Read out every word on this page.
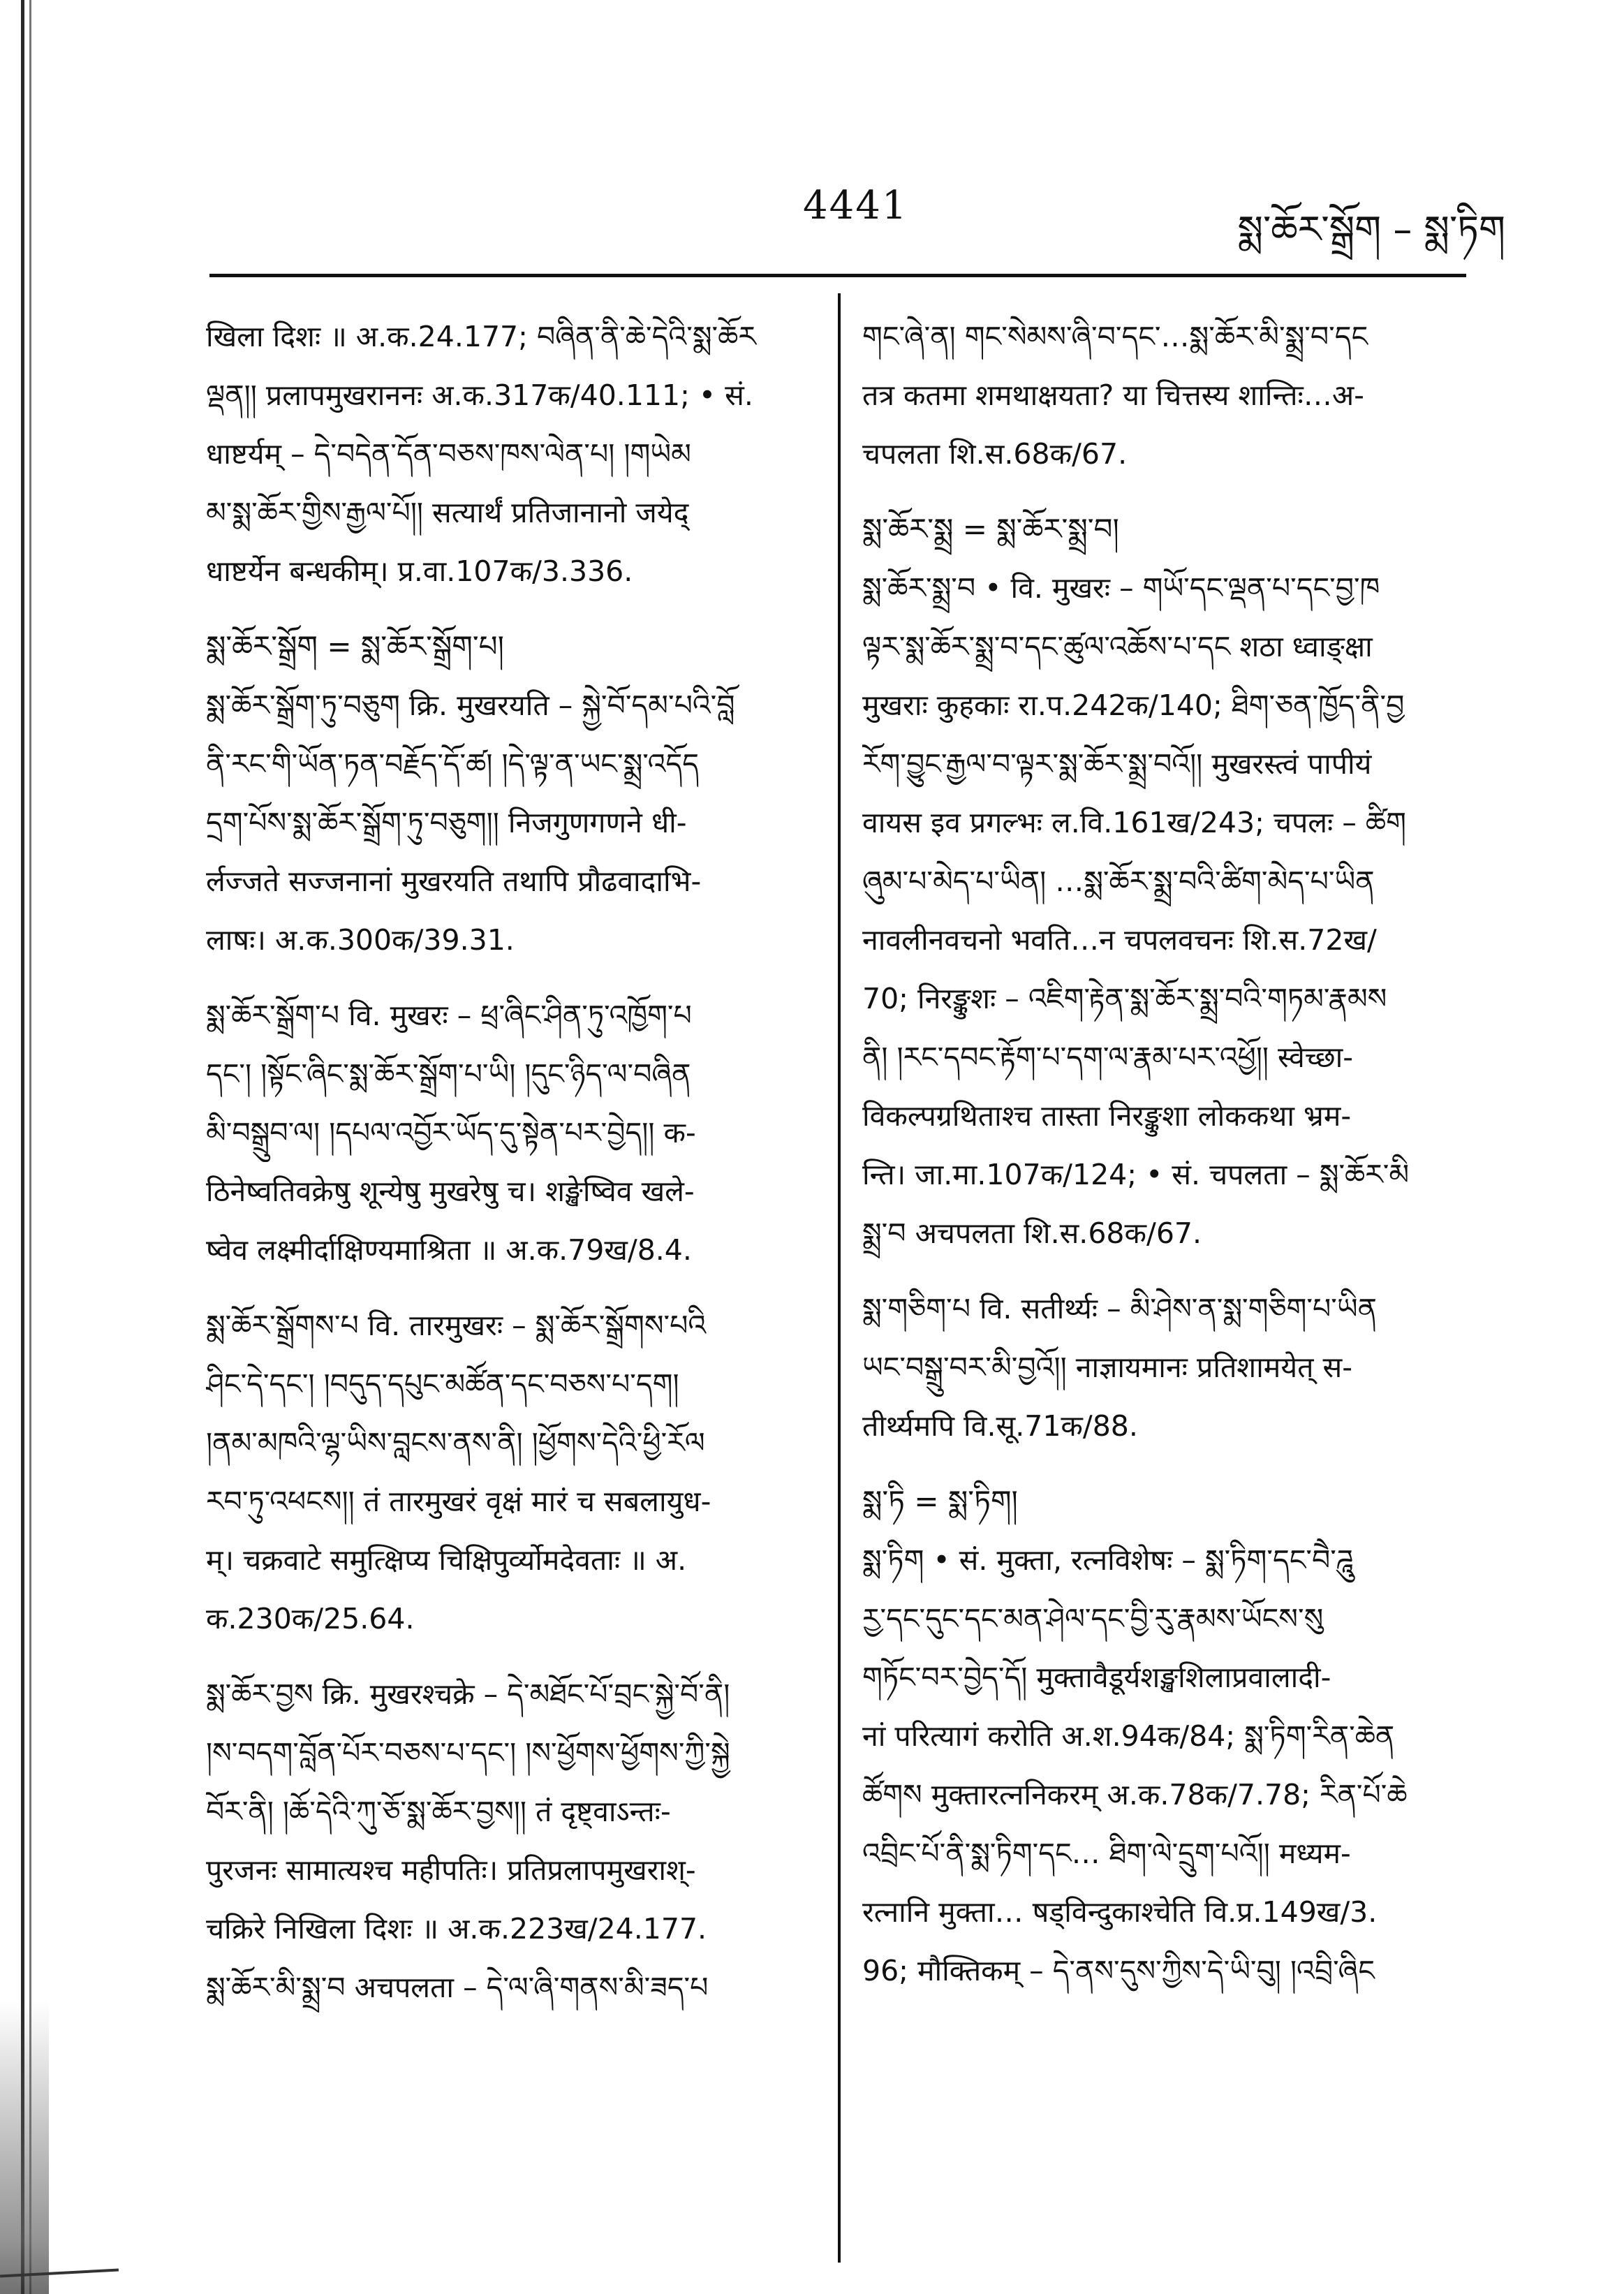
4441
སྨ་ཆོར་སྒྲོག – སྨ་ཏིག
खिला दिशः ॥ अ.क.24.177; བཞིན་ནི་ཆེ་དེའི་སྨ་ཆོར
ལྡན།། प्रलापमुखराननः अ.क.317क/40.111; • सं.
धाष्टर्यम् – དེ་བདེན་དོན་བཅས་ཁས་ལེན་པ། །གཡེམ
མ་སྨ་ཆོར་གྱིས་རྒྱལ་པོ།། सत्यार्थं प्रतिजानानो जयेद्
धाष्टर्येन बन्धकीम्। प्र.वा.107क/3.336.
སྨ་ཆོར་སྒྲོག = སྨ་ཆོར་སྒྲོག་པ།
སྨ་ཆོར་སྒྲོག་ཏུ་བཅུག क्रि. मुखरयति – སྐྱེ་བོ་དམ་པའི་བློ
ནི་རང་གི་ཡོན་ཏན་བརྗོད་དོ་ཚ། །དེ་ལྟ་ན་ཡང་སྨྲ་འདོད
དྲག་པོས་སྨ་ཆོར་སྒྲོག་ཏུ་བཅུག།། निजगुणगणने धी-
र्लज्जते सज्जनानां मुखरयति तथापि प्रौढवादाभि-
लाषः। अ.क.300क/39.31.
སྨ་ཆོར་སྒྲོག་པ वि. मुखरः – ཕྲ་ཞིང་ཤིན་ཏུ་འཁྱོག་པ
དང་། །སྟོང་ཞིང་སྨ་ཆོར་སྒྲོག་པ་ཡི། །དུང་ཉིད་ལ་བཞིན
མི་བསྒྲུབ་ལ། །དཔལ་འབྱོར་ཡོད་དུ་སྟེན་པར་བྱེད།། क-
ठिनेष्वतिवक्रेषु शून्येषु मुखरेषु च। शङ्खेष्विव खले-
ष्वेव लक्ष्मीर्दाक्षिण्यमाश्रिता ॥ अ.क.79ख/8.4.
སྨ་ཆོར་སྒྲོགས་པ वि. तारमुखरः – སྨ་ཆོར་སྒྲོགས་པའི
ཤིང་དེ་དང་། །བདུད་དཔུང་མཚོན་དང་བཅས་པ་དག།
།ནམ་མཁའི་ལྷ་ཡིས་བླངས་ནས་ནི། །ཕྱོགས་དེའི་ཕྱི་རོལ
རབ་ཏུ་འཕངས།། तं तारमुखरं वृक्षं मारं च सबलायुध-
म्। चक्रवाटे समुत्क्षिप्य चिक्षिपुर्व्योमदेवताः ॥ अ.
क.230क/25.64.
སྨ་ཆོར་བྱས क्रि. मुखरश्चक्रे – དེ་མཐོང་པོ་བྲང་སྐྱེ་བོ་ནི།
།ས་བདག་བློན་པོར་བཅས་པ་དང་། །ས་ཕྱོགས་ཕྱོགས་ཀྱི་སྐྱེ
བོར་ནི། །ཆོ་དེའི་ཀུ་ཅོ་སྨ་ཆོར་བྱས།། तं दृष्ट्वाऽन्तः-
पुरजनः सामात्यश्च महीपतिः। प्रतिप्रलापमुखराश्-
चक्रिरे निखिला दिशः ॥ अ.क.223ख/24.177.
སྨ་ཆོར་མི་སྨྲ་བ अचपलता – དེ་ལ་ཞི་གནས་མི་ཟད་པ
གང་ཞེ་ན། གང་སེམས་ཞི་བ་དང་…སྨ་ཆོར་མི་སྨྲ་བ་དང
तत्र कतमा शमथाक्षयता? या चित्तस्य शान्तिः…अ-
चपलता शि.स.68क/67.
སྨ་ཆོར་སྨྲ = སྨ་ཆོར་སྨྲ་བ།
སྨ་ཆོར་སྨྲ་བ • वि. मुखरः – གཡོ་དང་ལྡན་པ་དང་བྱ་ཁ
ལྟར་སྨ་ཆོར་སྨྲ་བ་དང་ཚུལ་འཆོས་པ་དང शठा ध्वाङ्क्षा
मुखराः कुहकाः रा.प.242क/140; ཐིག་ཅན་ཁྱོད་ནི་བྱ
རོག་བྱུང་རྒྱལ་བ་ལྟར་སྨ་ཆོར་སྨྲ་བའོ།། मुखरस्त्वं पापीयं
वायस इव प्रगल्भः ल.वि.161ख/243; चपलः – ཚིག
ཞུམ་པ་མེད་པ་ཡིན། …སྨ་ཆོར་སྨྲ་བའི་ཚིག་མེད་པ་ཡིན
नावलीनवचनो भवति…न चपलवचनः शि.स.72ख/
70; निरङ्कुशः – འཇིག་རྟེན་སྨ་ཆོར་སྨྲ་བའི་གཏམ་རྣམས
ནི། །རང་དབང་རྟོག་པ་དག་ལ་རྣམ་པར་འཕྱོ།། स्वेच्छा-
विकल्पग्रथिताश्च तास्ता निरङ्कुशा लोककथा भ्रम-
न्ति। जा.मा.107क/124; • सं. चपलता – སྨ་ཆོར་མི
སྨྲ་བ अचपलता शि.स.68क/67.
སྨ་གཅིག་པ वि. सतीर्थ्यः – མི་ཤེས་ན་སྨ་གཅིག་པ་ཡིན
ཡང་བསྒྲུ་བར་མི་བྱའོ།། नाज्ञायमानः प्रतिशामयेत् स-
तीर्थ्यमपि वि.सू.71क/88.
སྨ་ཏི = སྨ་ཏིག།
སྨ་ཏིག • सं. मुक्ता, रत्नविशेषः – སྨ་ཏིག་དང་བཻ་ཌཱུ
རྱ་དང་དུང་དང་མན་ཤེལ་དང་བྱི་རུ་རྣམས་ཡོངས་སུ
གཏོང་བར་བྱེད་དོ། मुक्तावैडूर्यशङ्खशिलाप्रवालादी-
नां परित्यागं करोति अ.श.94क/84; སྨ་ཏིག་རིན་ཆེན
ཚོགས मुक्तारत्ननिकरम् अ.क.78क/7.78; རིན་པོ་ཆེ
འབྲིང་པོ་ནི་སྨ་ཏིག་དང… ཐིག་ལེ་དྲུག་པའོ།། मध्यम-
रत्नानि मुक्ता… षड्विन्दुकाश्चेति वि.प्र.149ख/3.
96; मौक्तिकम् – དེ་ནས་དུས་ཀྱིས་དེ་ཡི་བུ། །འབྲི་ཞིང
